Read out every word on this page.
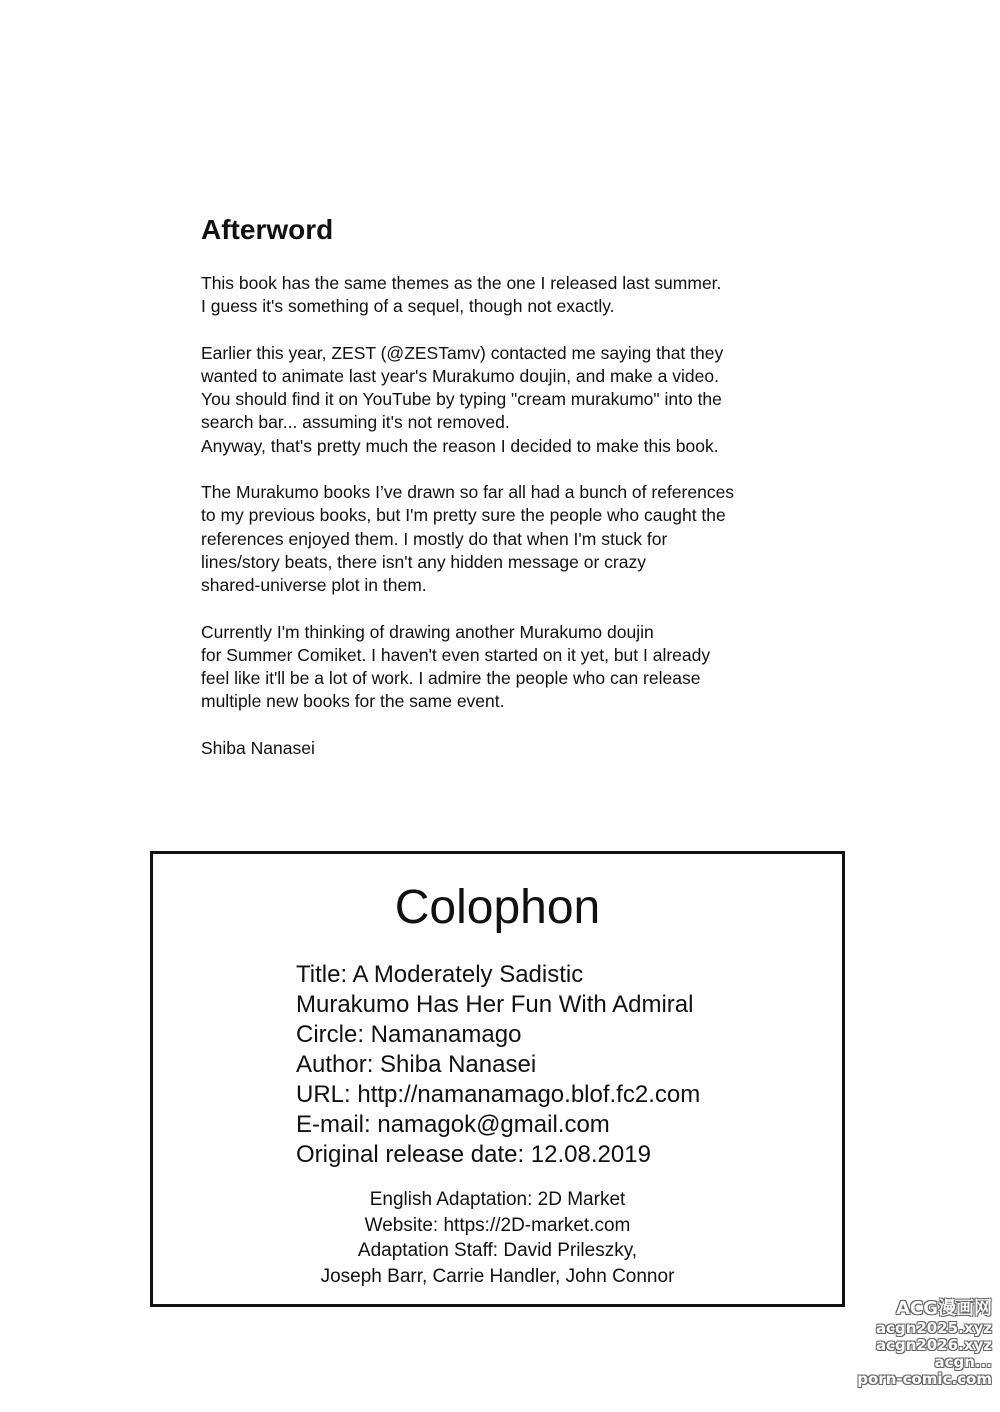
Afterword
This book has the same themes as the one I released last summer.
I guess it's something of a sequel, though not exactly.
Earlier this year, ZEST (@ZESTamv) contacted me saying that they
wanted to animate last year's Murakumo doujin, and make a video.
You should find it on YouTube by typing "cream murakumo" into the
search bar... assuming it's not removed.
Anyway, that's pretty much the reason I decided to make this book.
The Murakumo books I’ve drawn so far all had a bunch of references
to my previous books, but I'm pretty sure the people who caught the
references enjoyed them. I mostly do that when I'm stuck for
lines/story beats, there isn't any hidden message or crazy
shared-universe plot in them.
Currently I'm thinking of drawing another Murakumo doujin
for Summer Comiket. I haven't even started on it yet, but I already
feel like it'll be a lot of work. I admire the people who can release
multiple new books for the same event.
Shiba Nanasei
Colophon
Title: A Moderately Sadistic
Murakumo Has Her Fun With Admiral
Circle: Namanamago
Author: Shiba Nanasei
URL: http://namanamago.blof.fc2.com
E-mail: namagok@gmail.com
Original release date: 12.08.2019
English Adaptation: 2D Market
Website: https://2D-market.com
Adaptation Staff: David Prileszky,
Joseph Barr, Carrie Handler, John Connor
ACG漫画网
acgn2025.xyz
acgn2026.xyz
acgn...
porn-comic.com
